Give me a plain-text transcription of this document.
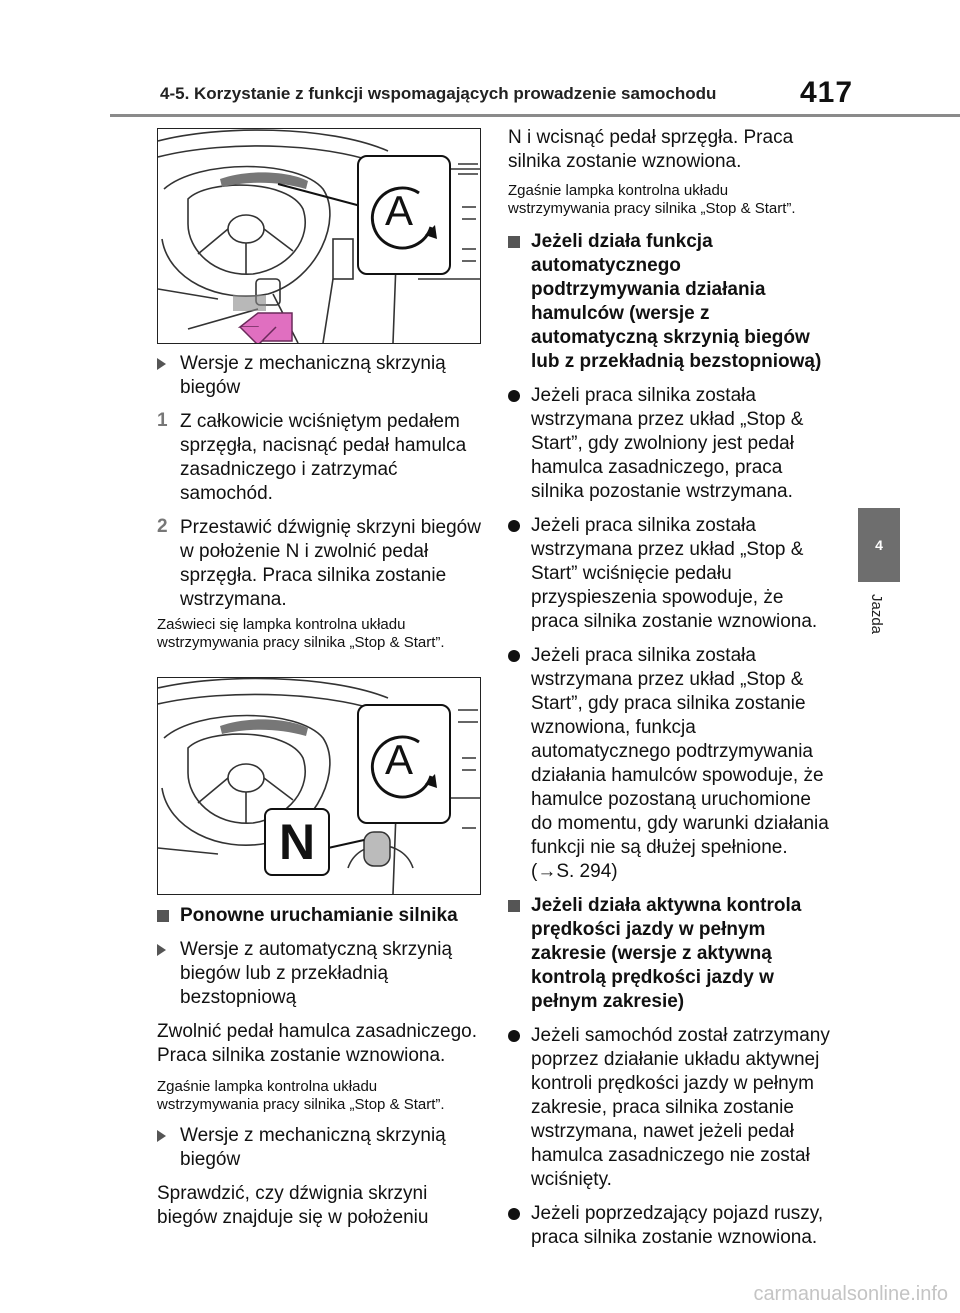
4-5. Korzystanie z funkcji wspomagających prowadzenie samochodu	417
4
Jazda
A
A
N

Wersje z mechaniczną skrzynią biegów

1 Z całkowicie wciśniętym pedałem sprzęgła, nacisnąć pedał hamulca zasadniczego i zatrzymać samochód.

2 Przestawić dźwignię skrzyni biegów w położenie N i zwolnić pedał sprzęgła. Praca silnika zostanie wstrzymana.

Zaświeci się lampka kontrolna układu wstrzymywania pracy silnika „Stop & Start”.

Ponowne uruchamianie silnika

Wersje z automatyczną skrzynią biegów lub z przekładnią bezstopniową

Zwolnić pedał hamulca zasadniczego. Praca silnika zostanie wznowiona.

Zgaśnie lampka kontrolna układu wstrzymywania pracy silnika „Stop & Start”.

Wersje z mechaniczną skrzynią biegów

Sprawdzić, czy dźwignia skrzyni biegów znajduje się w położeniu

N i wcisnąć pedał sprzęgła. Praca silnika zostanie wznowiona.

Zgaśnie lampka kontrolna układu wstrzymywania pracy silnika „Stop & Start”.

Jeżeli działa funkcja automatycznego podtrzymywania działania hamulców (wersje z automatyczną skrzynią biegów lub z przekładnią bezstopniową)

Jeżeli praca silnika została wstrzymana przez układ „Stop & Start”, gdy zwolniony jest pedał hamulca zasadniczego, praca silnika pozostanie wstrzymana.

Jeżeli praca silnika została wstrzymana przez układ „Stop & Start” wciśnięcie pedału przyspieszenia spowoduje, że praca silnika zostanie wznowiona.

Jeżeli praca silnika została wstrzymana przez układ „Stop & Start”, gdy praca silnika zostanie wznowiona, funkcja automatycznego podtrzymywania działania hamulców spowoduje, że hamulce pozostaną uruchomione do momentu, gdy warunki działania funkcji nie są dłużej spełnione. (→S. 294)

Jeżeli działa aktywna kontrola prędkości jazdy w pełnym zakresie (wersje z aktywną kontrolą prędkości jazdy w pełnym zakresie)

Jeżeli samochód został zatrzymany poprzez działanie układu aktywnej kontroli prędkości jazdy w pełnym zakresie, praca silnika zostanie wstrzymana, nawet jeżeli pedał hamulca zasadniczego nie został wciśnięty.

Jeżeli poprzedzający pojazd ruszy, praca silnika zostanie wznowiona.

carmanualsonline.info
